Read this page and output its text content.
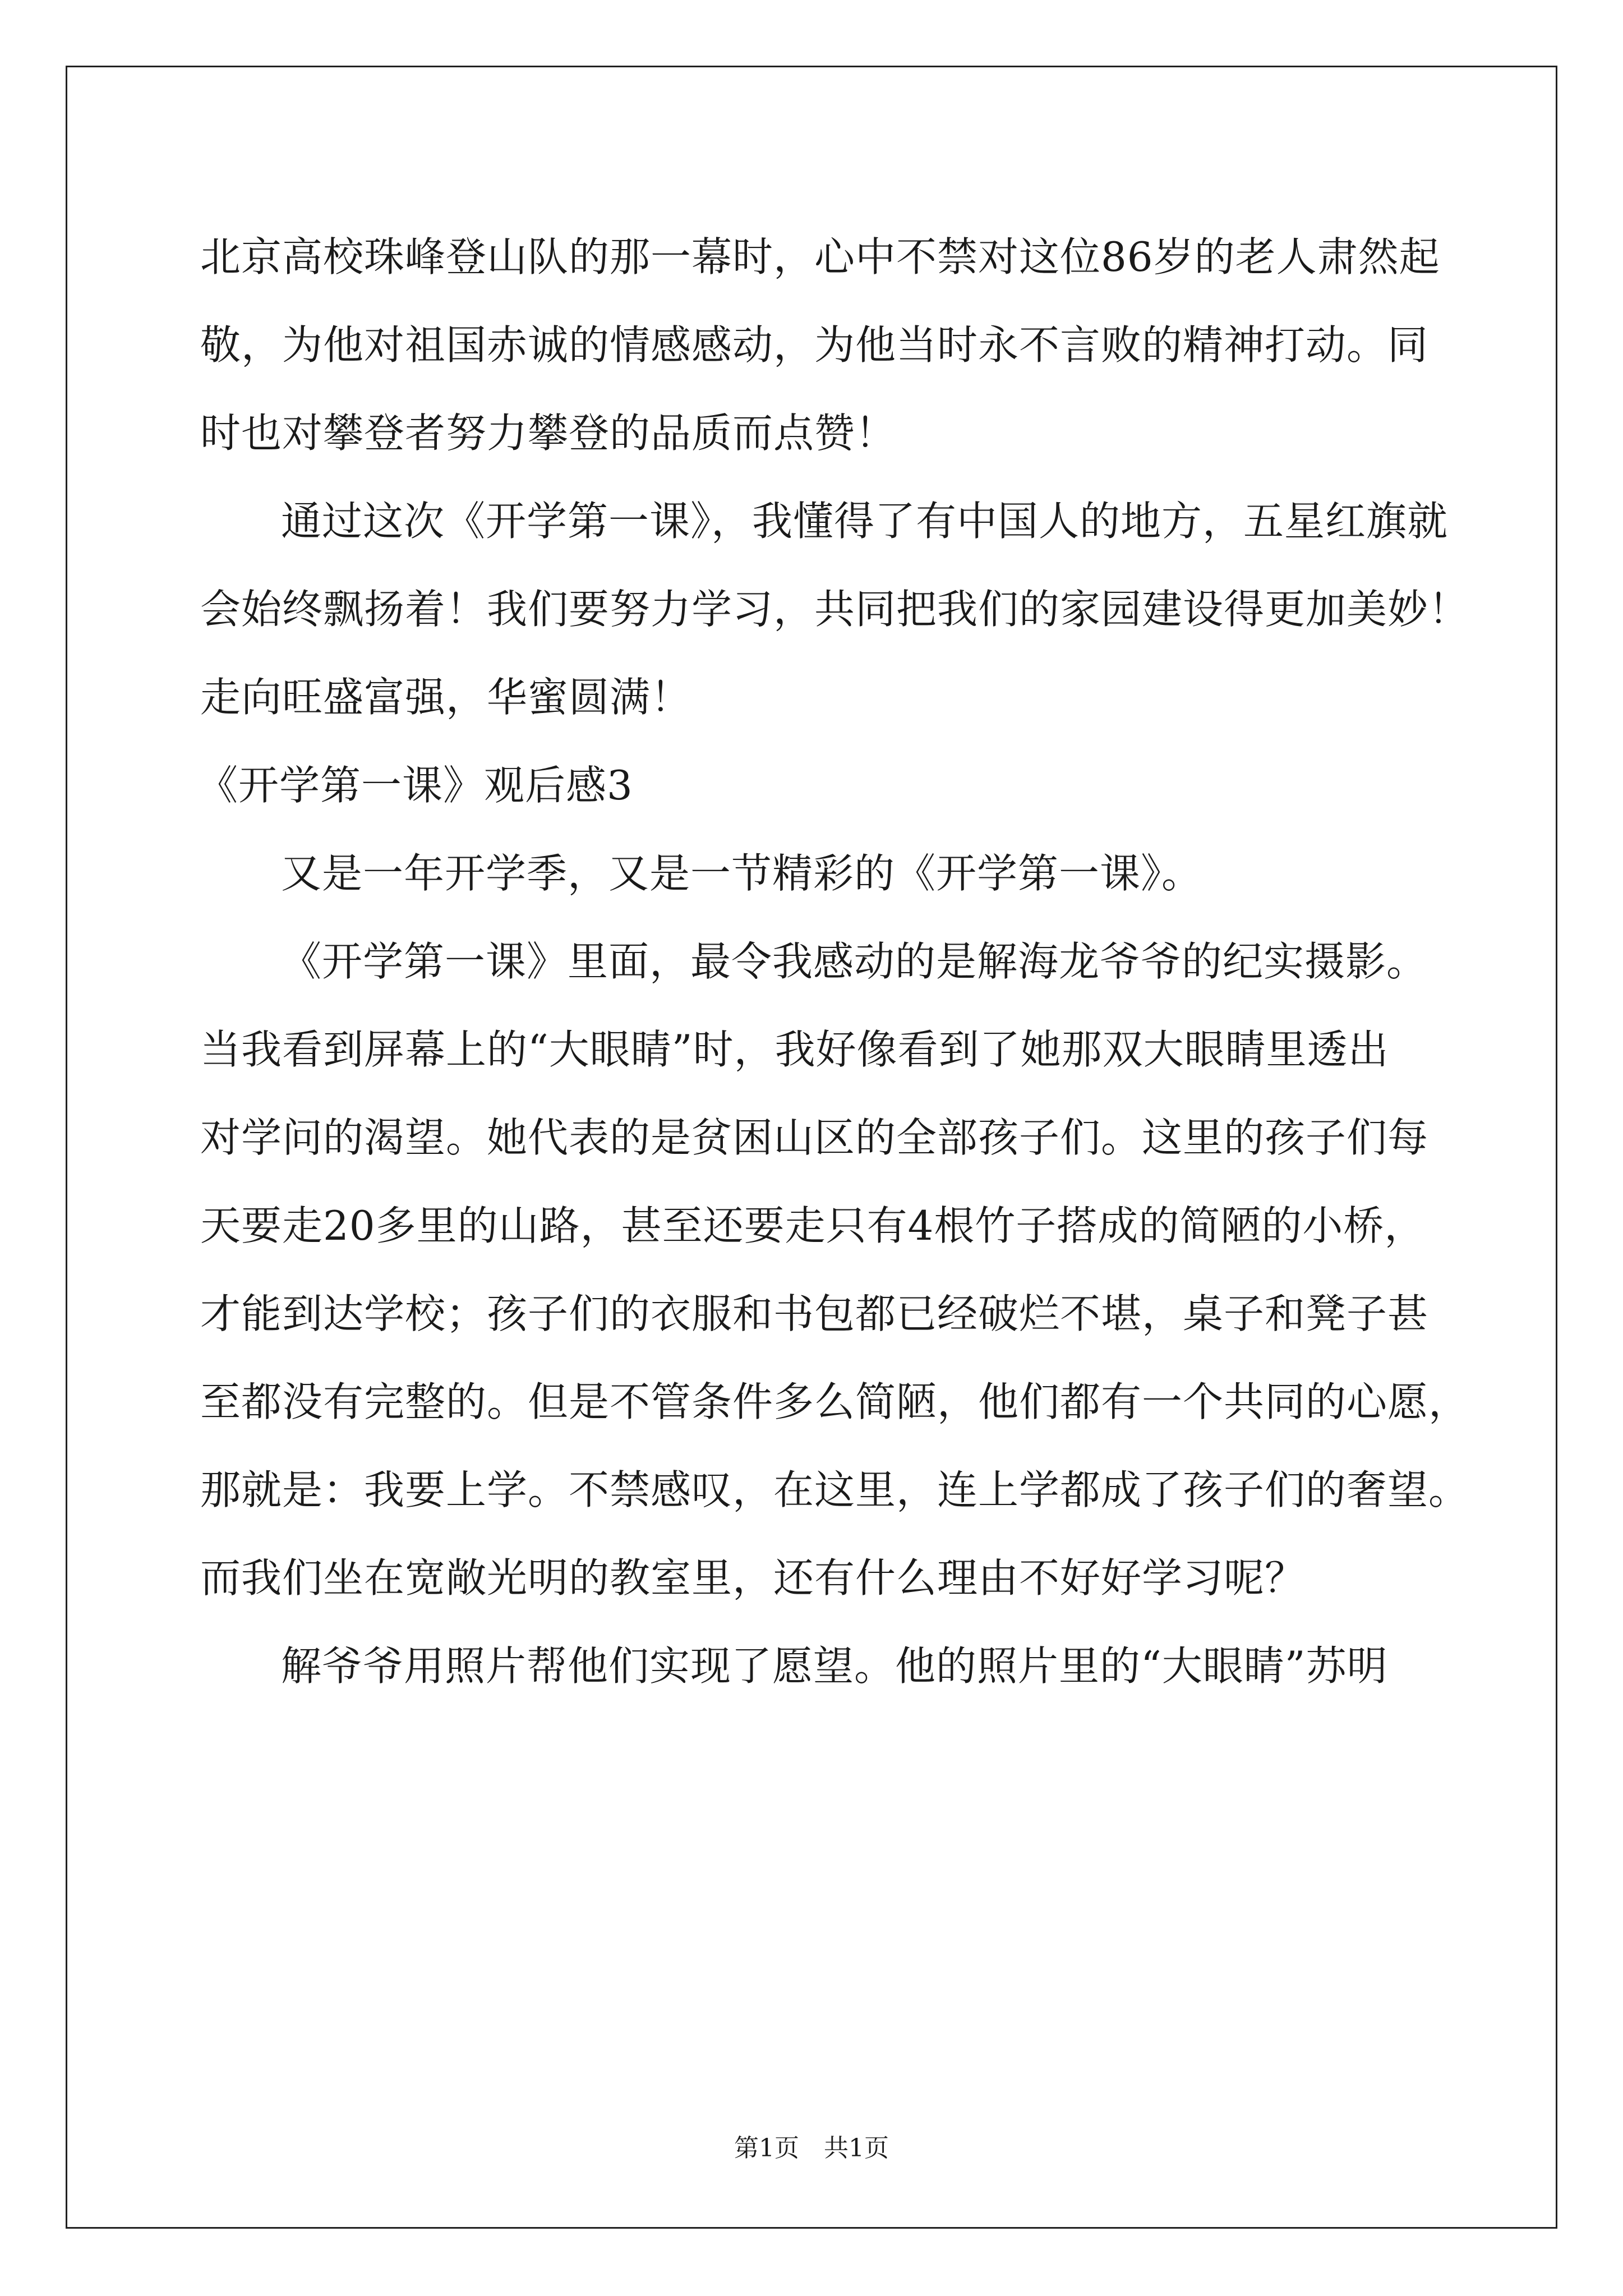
北京高校珠峰登山队的那一幕时，心中不禁对这位86岁的老人肃然起
敬，为他对祖国赤诚的情感感动，为他当时永不言败的精神打动。同
时也对攀登者努力攀登的品质而点赞！
通过这次《开学第一课》，我懂得了有中国人的地方，五星红旗就
会始终飘扬着！我们要努力学习，共同把我们的家园建设得更加美妙！
走向旺盛富强，华蜜圆满！
《开学第一课》观后感3
又是一年开学季，又是一节精彩的《开学第一课》。
《开学第一课》里面，最令我感动的是解海龙爷爷的纪实摄影。
当我看到屏幕上的“大眼睛”时，我好像看到了她那双大眼睛里透出
对学问的渴望。她代表的是贫困山区的全部孩子们。这里的孩子们每
天要走20多里的山路，甚至还要走只有4根竹子搭成的简陋的小桥，
才能到达学校；孩子们的衣服和书包都已经破烂不堪，桌子和凳子甚
至都没有完整的。但是不管条件多么简陋，他们都有一个共同的心愿，
那就是：我要上学。不禁感叹，在这里，连上学都成了孩子们的奢望。
而我们坐在宽敞光明的教室里，还有什么理由不好好学习呢？
解爷爷用照片帮他们实现了愿望。他的照片里的“大眼睛”苏明
第1页　共1页
